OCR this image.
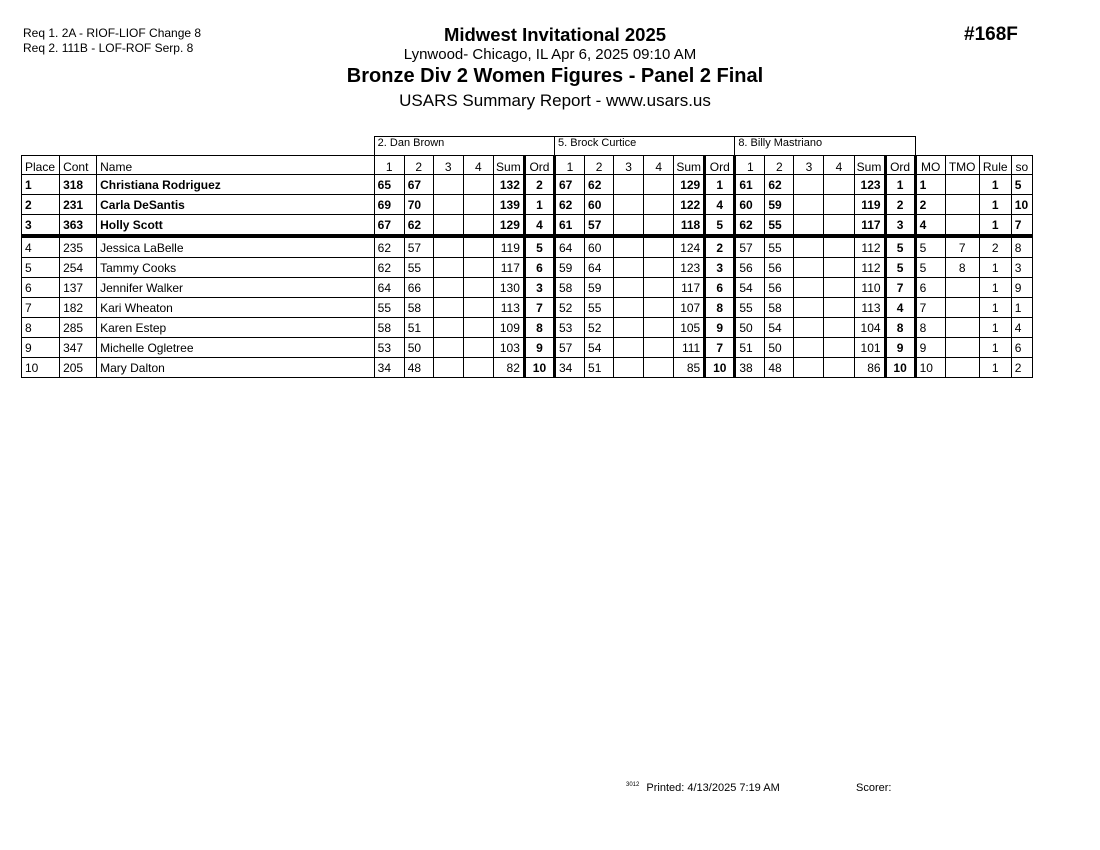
Req 1. 2A - RIOF-LIOF Change 8
Req 2. 111B - LOF-ROF Serp. 8
Midwest Invitational 2025
Lynwood- Chicago, IL Apr 6, 2025 09:10 AM
Bronze Div 2 Women Figures - Panel 2 Final
USARS Summary Report - www.usars.us
#168F
			2. Dan Brown						5. Brock Curtice						8. Billy Mastriano									
Place	Cont	Name	1	2	3	4	Sum	Ord	1	2	3	4	Sum	Ord	1	2	3	4	Sum	Ord	MO	TMO	Rule	so
1	318	Christiana Rodriguez	65	67			132	2	67	62			129	1	61	62			123	1	1		1	5
2	231	Carla DeSantis	69	70			139	1	62	60			122	4	60	59			119	2	2		1	10
3	363	Holly Scott	67	62			129	4	61	57			118	5	62	55			117	3	4		1	7
4	235	Jessica LaBelle	62	57			119	5	64	60			124	2	57	55			112	5	5	7	2	8
5	254	Tammy Cooks	62	55			117	6	59	64			123	3	56	56			112	5	5	8	1	3
6	137	Jennifer Walker	64	66			130	3	58	59			117	6	54	56			110	7	6		1	9
7	182	Kari Wheaton	55	58			113	7	52	55			107	8	55	58			113	4	7		1	1
8	285	Karen Estep	58	51			109	8	53	52			105	9	50	54			104	8	8		1	4
9	347	Michelle Ogletree	53	50			103	9	57	54			111	7	51	50			101	9	9		1	6
10	205	Mary Dalton	34	48			82	10	34	51			85	10	38	48			86	10	10		1	2
$^{3012}$ Printed: 4/13/2025 7:19 AM	Scorer:
